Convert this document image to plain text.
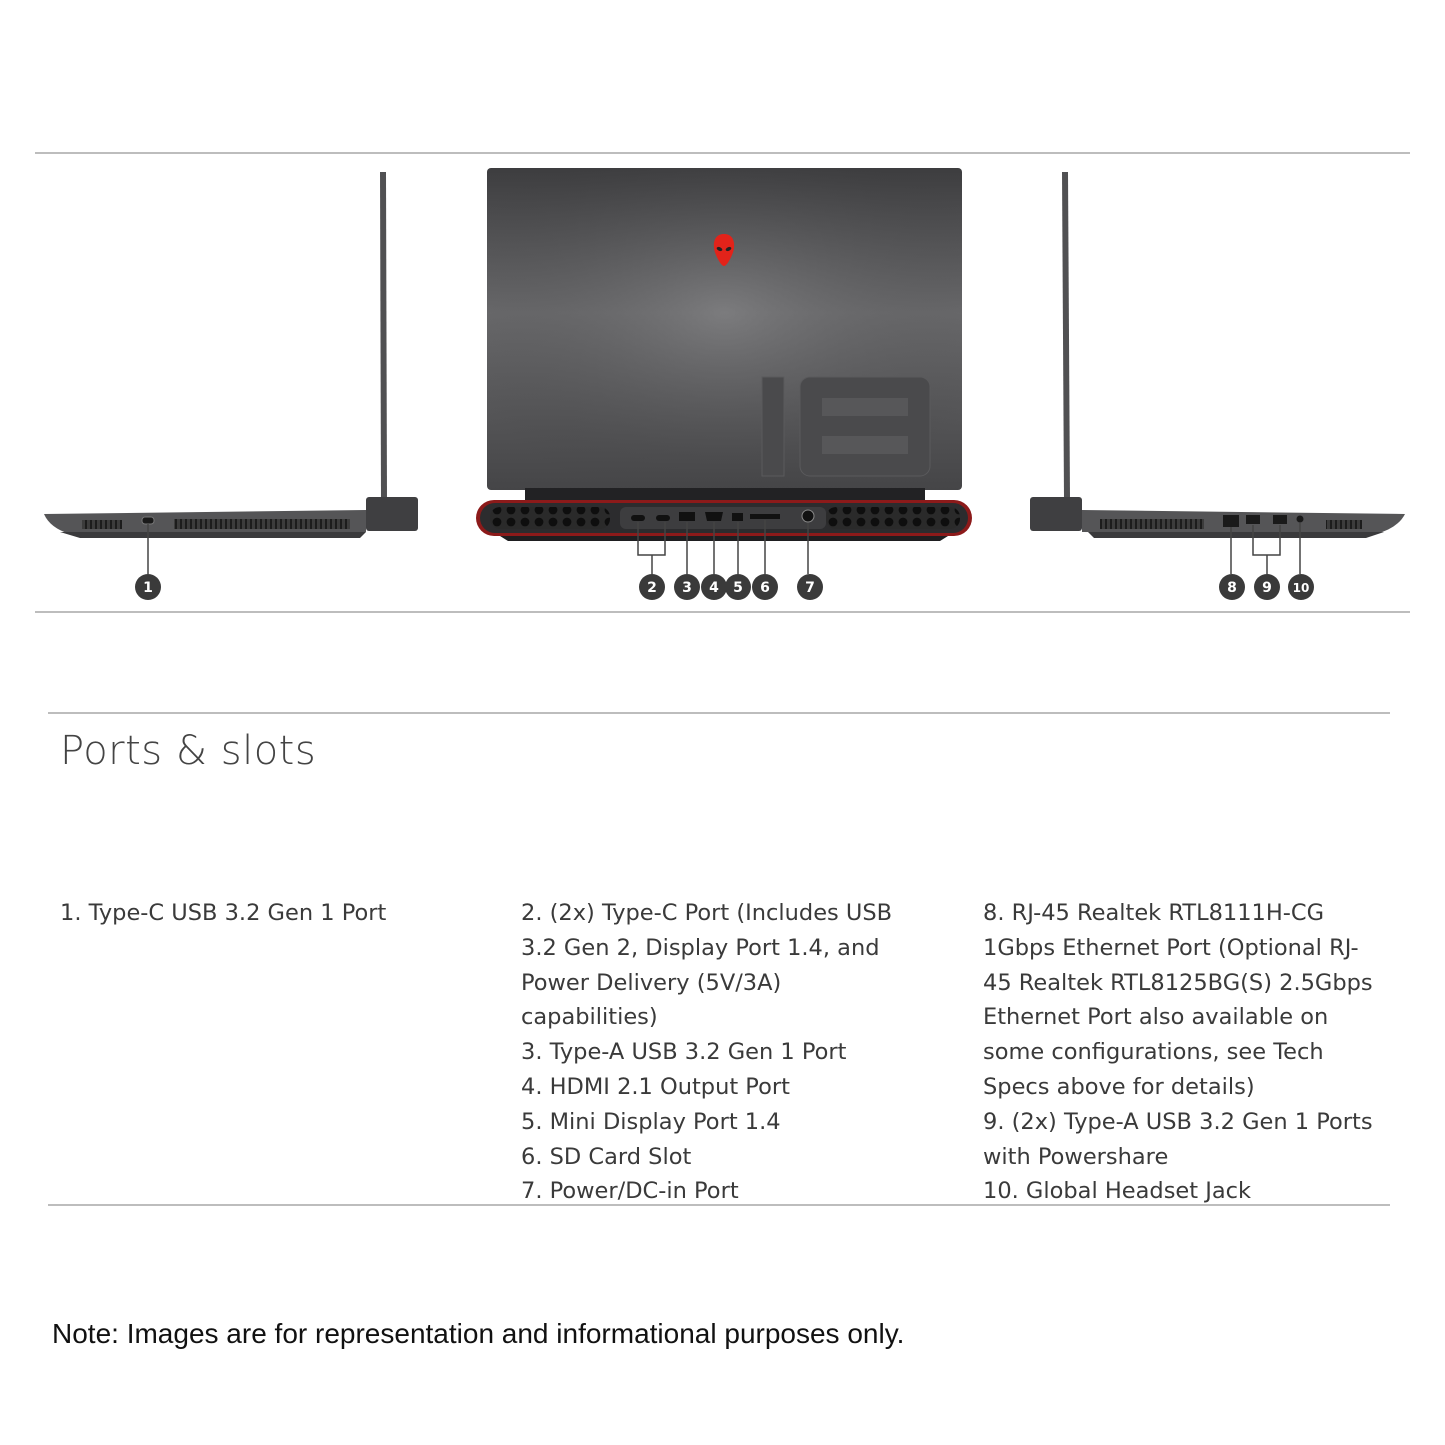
1	2 3 4 5 6	7	8 9 10
Ports & slots
1. Type-C USB 3.2 Gen 1 Port	2. (2x) Type-C Port (Includes USB 3.2 Gen 2, Display Port 1.4, and Power Delivery (5V/3A) capabilities)
3. Type-A USB 3.2 Gen 1 Port
4. HDMI 2.1 Output Port
5. Mini Display Port 1.4
6. SD Card Slot
7. Power/DC-in Port
8. RJ-45 Realtek RTL8111H-CG 1Gbps Ethernet Port (Optional RJ-45 Realtek RTL8125BG(S) 2.5Gbps Ethernet Port also available on some configurations, see Tech Specs above for details)
9. (2x) Type-A USB 3.2 Gen 1 Ports with Powershare
10. Global Headset Jack
Note: Images are for representation and informational purposes only.
